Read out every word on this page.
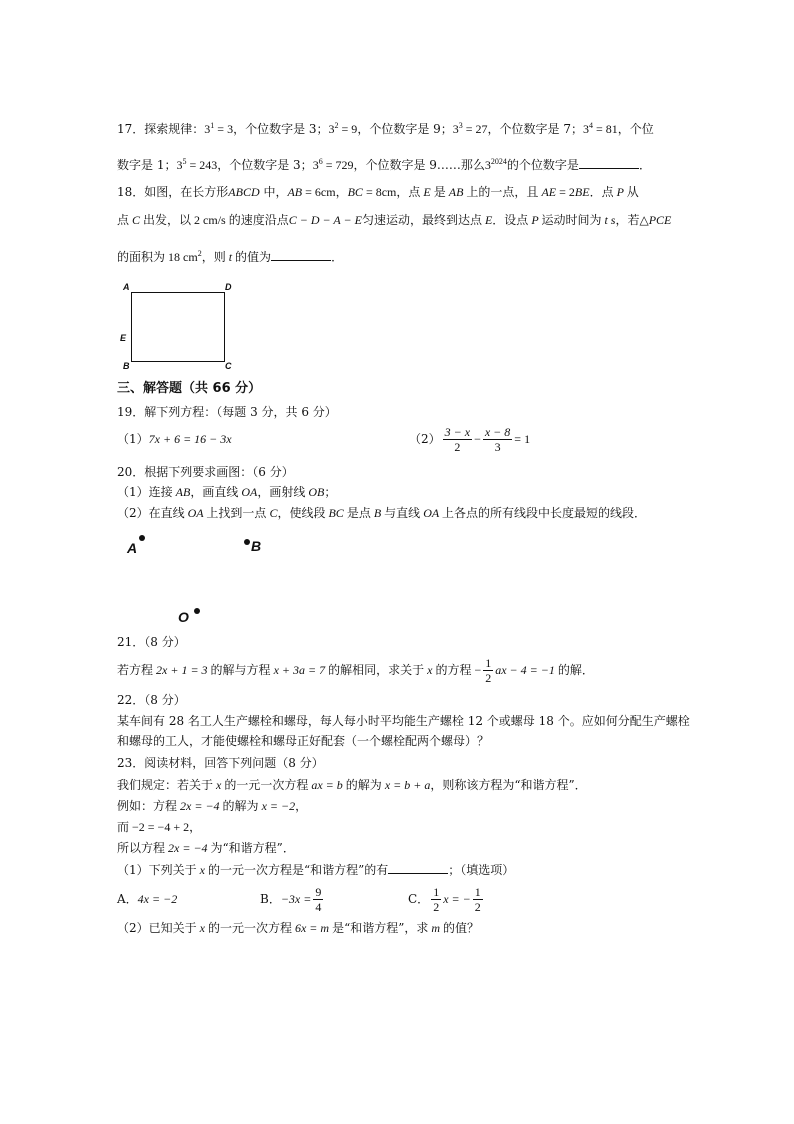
17．探索规律：$3^1 = 3$，个位数字是 3；$3^2 = 9$，个位数字是 9；$3^3 = 27$，个位数字是 7；$3^4 = 81$，个位
数字是 1；$3^5 = 243$，个位数字是 3；$3^6 = 729$，个位数字是 9……那么$3^{2024}$的个位数字是	．
18．如图，在长方形ABCD 中，AB = 6cm，BC = 8cm，点 E 是 AB 上的一点，且 AE = 2BE．点 P 从
点 C 出发，以 2 cm/s 的速度沿点C − D − A − E匀速运动，最终到达点 E．设点 P 运动时间为 t s，若△PCE
的面积为 18 $cm^2$，则 t 的值为	．
A	D
E
B	C
三、解答题（共 66 分）
19．解下列方程：（每题 3 分，共 6 分）
（1）7x + 6 = 16 − 3x	$(2) \frac{3 - x}{2} - \frac{x - 8}{3} = 1$
20．根据下列要求画图：（6 分）
（1）连接 AB，画直线 OA，画射线 OB；
（2）在直线 OA 上找到一点 C，使线段 BC 是点 B 与直线 OA 上各点的所有线段中长度最短的线段．
A	B
O
21．（8 分）
若方程 2x + 1 = 3 的解与方程 x + 3a = 7 的解相同，求关于 x 的方程 − $\frac{1}{2}$ ax − 4 = −1 的解．
22．（8 分）
某车间有 28 名工人生产螺栓和螺母，每人每小时平均能生产螺栓 12 个或螺母 18 个。应如何分配生产螺栓
和螺母的工人，才能使螺栓和螺母正好配套（一个螺栓配两个螺母）？
23．阅读材料，回答下列问题（8 分）
我们规定：若关于 x 的一元一次方程 ax = b 的解为 x = b + a，则称该方程为“和谐方程”．
例如：方程 2x = −4 的解为 x = −2，
而 −2 = −4 + 2，
所以方程 2x = −4 为“和谐方程”．
（1）下列关于 x 的一元一次方程是“和谐方程”的有	；（填选项）
A．4x = −2	B．$-3x = \frac{9}{4}$	C． $\frac{1}{2}$ x = − $\frac{1}{2}$
（2）已知关于 x 的一元一次方程 6x = m 是“和谐方程”，求 m 的值？
